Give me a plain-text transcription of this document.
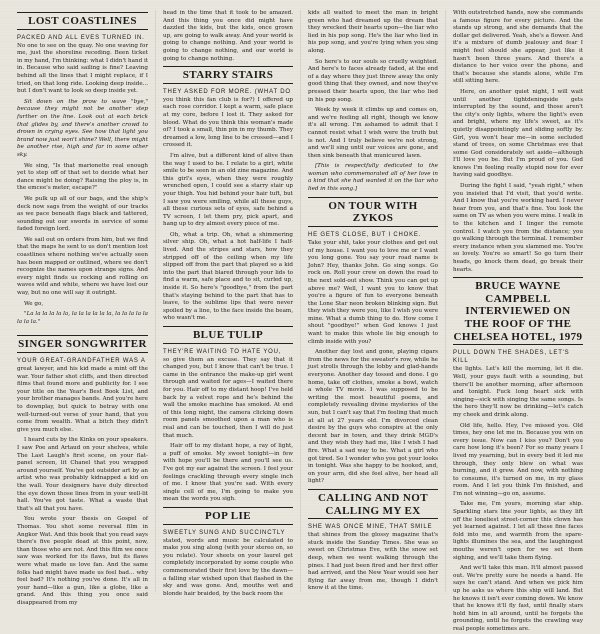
LOST COASTLINES
PACKED AND ALL EVES TURNED IN.

No one to see on the quay. No one waving for me, just the shoreline receding. Been ticket in my hand, I'm thinking: what I didn't hand it in. Because who said sailing is fine? Leaving behind all the lines that I might replace, if I tried, on that long ride. Looking deep inside... but I don't want to look so deep inside yet.

Sit down on the prow to wave "bye," because they might not be another step further on the line. Look out at each brick that glides by, and there's another crowd to drown in crying eyes. See how that light you brand now just won't shine? Well, there might be another rise, high and far in some other sky.

We sing, "Is that marionette real enough yet to step off of that set to decide what her dance might be doing? Raising the ploy is, in the emcee's meter, escape?"

We pulk up all of our bags, and the ship's deck now sags from the weight of our tracks as we pace beneath flags black and tattered, sounding out our swords in service of some faded foreign lord.

We sail out on orders from him, but we find that the maps he sent to us don't mention lost coastlines where nothing we've actually seen has been mapped or outlined, where we don't recognize the names upon strange signs. And every night finds us rocking and rolling on waves wild and white, where we have lost our way, but no one will say it outright.

We go,

"La la la la la la, la la la la la la, la la la la la la la la."

SINGER SONGWRITER
YOUR GREAT-GRANDFATHER WAS A

great lawyer, and his kid made a mint off the war. Your father shot cliffs, and then directed films that found more and publicity for. I see your title on the Year's Best Book List, and your brother manages bands. And you're here to downplay, but quick to betray with one well-turned-out verse of your hand, that you come from wealth. What a bitch they didn't give you much else.

I heard cuts by the Kinks on your speakers. I saw Poe and Artaud on your shelves, while The Last Laugh's first scene, on your flat-panel screen, lit Chanel that you wrapped around yourself. You've got outsider art by an artist who was probably kidnapped a kid on the wall. Your designers have duly directed the eye down those lines from in your well-lit hall. You've got taste. What a waste that that's all that you have.

You wrote your thesis on Gospel of Thomas. You shot some reversal film in Angkor Wat. And this book that you read says there's five people dead at this point, now, than those who are not. And this film we once saw was worked for its flaws, but its flaws were what made us love fan. And the same folks had might have made us feel bad... why feel bad? It's nothing you've done. It's all in your hand—like a gun, like a globe, like a grand. And this thing you once said disappeared from my

head in the time that it took to be amazed. And this thing you once did might have dazzled the kids, but the kids, once grown up, are going to walk away. And your world is going to change nothing. And your world is going to change nothing, and our world is going to change nothing.

STARRY STAIRS
THEY ASKED FOR MORE. (WHAT DO

you think this fan club is for?) I offered up each rose corridor. I kept a warm, safe place at my core, before I lost it. They asked for blood. What do you think this woman's made of? I took a small, thin pin in my thumb. They dreamed a low, long line to be crossed—and I crossed it.

I'm alive, but a different kind of alive than the way I used to be. I relate to a girl, white smile to be seen in an old zine magazine. And this girl's eyes, when they were roughly wrenched open, I could see a starry stair up your thigh. You hid behind your hair tuft, but I saw you were smiling, while all these guys, all these curious sets of eyes, safe behind a TV screen, I let them pry, pick apart, and hang up to dry almost every piece of me.

Oh, what a trip. Oh, what a shimmering silver ship. Oh, what a hot half-life I half-lived. And the stripes and stars, how they stripped off of the ceiling when my life slipped off from the part that played so a kid into the part that blared through your lids to find a warm, safe place and to sit, curled up, inside it. So here's "goodbye," from the part that's staying behind to the part that has to leave, to the sublime lips that were never spoiled by a line, to the face inside the beam, who wasn't me.

BLUE TULIP
THEY'RE WAITING TO HATE YOU,

so give them an excuse. They say that it changed you, but I know that can't be true. I came in the entrance the make-up girl went through and waited for ages—I waited there for you. Hair off to my distant hoop! I've held back by a velvet rope and he's behind the wall the smoke machine has smoked. At end of this long night, the camera clicking down room panels smoothed upon a man who is real and can be touched, then I will do just that much.

Hair off to my distant hope, a ray of light, a puff of smoke. My sweet tonight—in few with hope you'll be there and you'll see us. I've got my ear against the screen. I feel your feelings crackling through every single inch of me. I know that you're sad. With every single cell of me, I'm going to make you mean the words you sigh.

POP LIE
SWEETLY SUNG AND SUCCINCTLY

stated, words and music be calculated to make you sing along (with your stereo on, so you relate). Your sheets on your laurel get completely incorporated by some couple who commemorated their first love by the dawn—a falling star wished upon that flashed in the sky and was gone. And, mouths wet and blonde hair braided, by the back room the

kids all waited to meet the man in bright green who had dreamed up the dream that they wrecked their hearts upon—the liar who lied in his pop song. He's the liar who lied in his pop song, and you're lying when you sing along.

So here's to our souls so cruelly weighted. And here's to faces already faded, at the end of a day where they just threw away the only good thing that they owned, and now they've pressed their hearts upon, the liar who lied in his pop song.

Week by week it climbs up and comes on, and we're feeling all right, though we know it's all wrong. I'm ashamed to admit that I cannot resist what I wish were the truth but is not. And I truly believe we're not strong, and we'll sing until our voices are gone, and then sink beneath that municured lawn.

[This is respectfully dedicated to the woman who commemorated all of her love in a kind that she had wanted it on the liar who lied in this song.]

ON TOUR WITH ZYKOS
HE GETS CLOSE, BUT I CHOKE.

Take your shit, take your clothes and get out of my house. I want you to love me or I want you long gone. You say your road name is John? Hey, thanks John. Go sing songs. Go rock on. Roll your crew on down the road to the next sold-out show. Think you can get up above me? Well, I want you to know that you're a figure of fun to everyone beneath the Lone Star neon broken blinking sign. But they wish they were you, like I wish you were mine. What a dumb thing to do. How come I shout "goodbye!" when God knows I just want to make this whole lie big enough to climb inside with you?

Another day lost and gone, playing cigars from the news for the sweater's row, while he just strolls through the lobby and glad-hands everyone. Another day tossed and done. I go home, take off clothes, smoke a bowl, watch a whole TV movie. I was supposed to be writing the most beautiful poems, and completely revealing divine mysteries of the sun, but I can't say that I'm feeling that much at all at 27 years old. I'm divorced clean desire by the guys who conspire at the only decent bar in town, and they drink MGD's and they wish they had me, like I wish I had fire. What a sad way to be. What a girl who got tired. So I wonder who you got your looks in tonight. Was she happy to be hooked, and, on your arm, did she feel alive, her head all light?

CALLING AND NOT CALLING MY EX
SHE WAS ONCE MINE, THAT SMILE

that shines from the glossy magazine that's stuck inside the Sunday Times. She was so sweet on Christmas Eve, with the snow set deep, when we went walking through the pines. I had just been fired and her first offer had arrived, and the New Year would see her flying far away from me, though I didn't know it at the time.

With outstretched hands, now she commands a famous figure for every picture. And the stands up strong, and she demands that the dollar get delivered. Yeah, she's a flower. And it's a mixture of dumb jealousy and fear I might feel should she appear, just like it hasn't been three years. And there's a distance to her voice over the phone, and that's because she stands alone, while I'm still sitting here.

Here, on another quiet night, I will wait until another tightdeningside gets interrupted by the sound, and those aren't the city's only lights, where the light's even and bright, where my life's sweet, as it's quietly disappointingly and sliding softly by. Girl, you won't hear me—in some secluded stand of trees, on some Christmas eve that some God considerately set aside—although I'll love you be. But I'm proud of you. God knows I'm feeling really stupid now for ever having said goodbye.

During the fight I said, "yeah right," when you insisted that I'd visit, that you'd write. And I know that you're working hard. I never hear from you, and that's fine. You look the same on TV as when you were mine. I walk in to the kitchen and I linger the remote control. I watch you from the distance; you go walking through the terminal. I remember every instance when you slammed me. You're so lovely. You're so smart! So go turn their heads, go knock them dead, go break their hearts.

BRUCE WAYNE CAMPBELL INTERVIEWED ON THE ROOF OF THE CHELSEA HOTEL, 1979
PULL DOWN THE SHADES, LET'S KILL

the lights. Let's kill the morning, let it die. Well, your guys fault with a sounding, but there'll be another morning, after afternoon and tonight. Fuck long heart sick with singing—sick with singing the same songs. Is the hero they'll now be drinking—let's catch my cheek and drink along.

Old life, hello. Hey, I've missed you. Old times, hey one let me in. Because you win on every issue. Now can I kiss you? Don't you care how long it's been? For so many years I lived my yearning, but in every bed it led me through, they only blew on what was burning, and it grew. And now, with nothing to consume, it's turned on me, in my glass room. And I let you think I'm finished, and I'm not winning—go on, assume.

Take me, I'm yours, morning star ship. Sparkling stars line your lights, as they lift off the loneliest street-corner this clown has yet learned against. I let all these fine faces fold into me, and warmth from the spare-lights illumines the sea, and the laughingest mouths weren't open for we set them sighing, and we'll take them flying.

And we'll take this man. It'll almost passed out. We're pretty sure he needs a hand. He says he can't stand. And when we pick him up he asks us where this ship will land. But he knows it isn't ever coming down. We know that he knows it'll fly fast, until finally stars hold him in all around, until he forgets the grounding, until he forgets the crawling way real people sometimes are.
